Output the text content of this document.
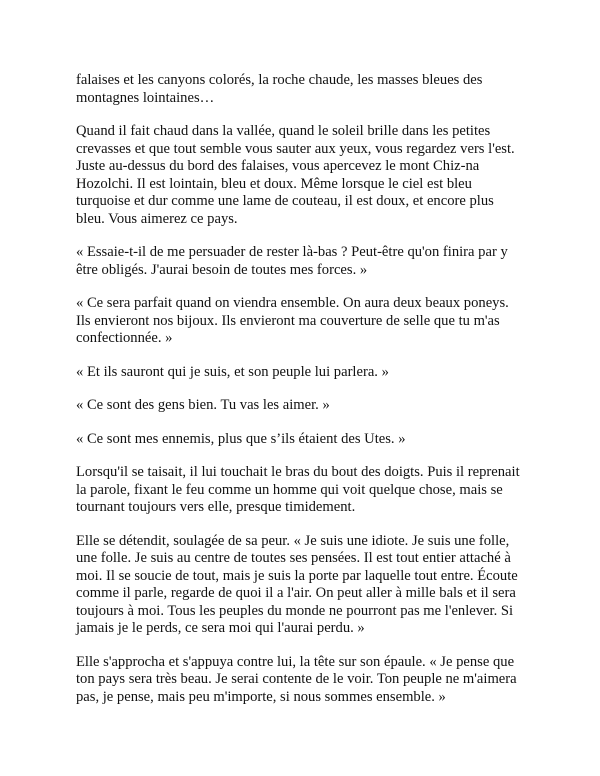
falaises et les canyons colorés, la roche chaude, les masses bleues des montagnes lointaines…

Quand il fait chaud dans la vallée, quand le soleil brille dans les petites crevasses et que tout semble vous sauter aux yeux, vous regardez vers l'est. Juste au-dessus du bord des falaises, vous apercevez le mont Chiz-na Hozolchi. Il est lointain, bleu et doux. Même lorsque le ciel est bleu turquoise et dur comme une lame de couteau, il est doux, et encore plus bleu. Vous aimerez ce pays.

« Essaie-t-il de me persuader de rester là-bas ? Peut-être qu'on finira par y être obligés. J'aurai besoin de toutes mes forces. »

« Ce sera parfait quand on viendra ensemble. On aura deux beaux poneys. Ils envieront nos bijoux. Ils envieront ma couverture de selle que tu m'as confectionnée. »

« Et ils sauront qui je suis, et son peuple lui parlera. »

« Ce sont des gens bien. Tu vas les aimer. »

« Ce sont mes ennemis, plus que s’ils étaient des Utes. »

Lorsqu'il se taisait, il lui touchait le bras du bout des doigts. Puis il reprenait la parole, fixant le feu comme un homme qui voit quelque chose, mais se tournant toujours vers elle, presque timidement.

Elle se détendit, soulagée de sa peur. « Je suis une idiote. Je suis une folle, une folle. Je suis au centre de toutes ses pensées. Il est tout entier attaché à moi. Il se soucie de tout, mais je suis la porte par laquelle tout entre. Écoute comme il parle, regarde de quoi il a l'air. On peut aller à mille bals et il sera toujours à moi. Tous les peuples du monde ne pourront pas me l'enlever. Si jamais je le perds, ce sera moi qui l'aurai perdu. »

Elle s'approcha et s'appuya contre lui, la tête sur son épaule. « Je pense que ton pays sera très beau. Je serai contente de le voir. Ton peuple ne m'aimera pas, je pense, mais peu m'importe, si nous sommes ensemble. »
